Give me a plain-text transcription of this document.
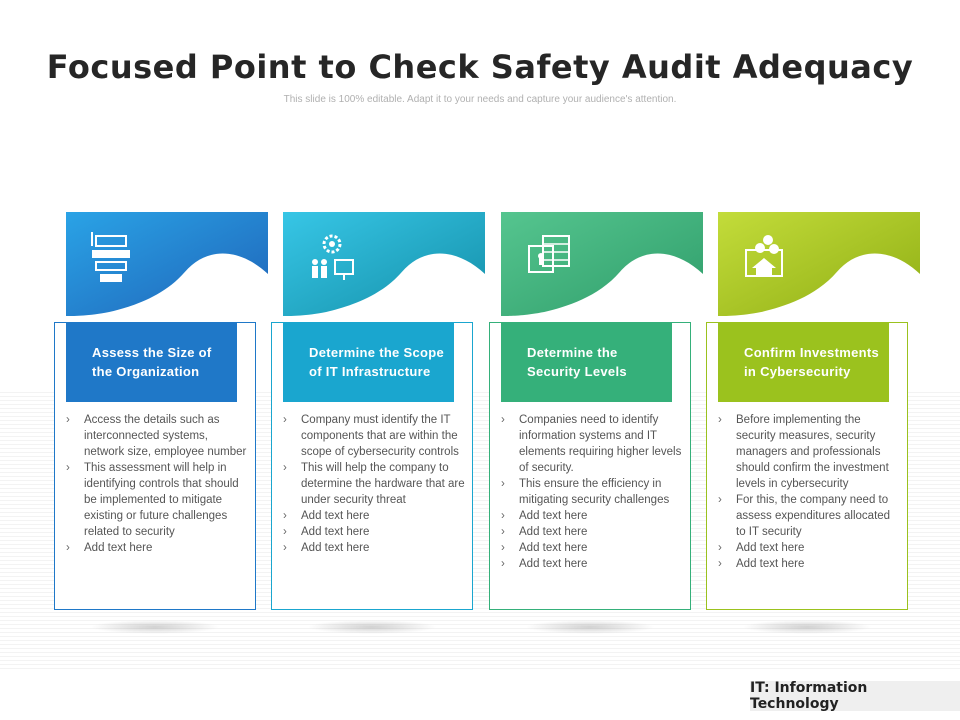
Focused Point to Check Safety Audit Adequacy
This slide is 100% editable. Adapt it to your needs and capture your audience's attention.
Assess the Size of the Organization
› Access the details such as interconnected systems, network size, employee number
› This assessment will help in identifying controls that should be implemented to mitigate existing or future challenges related to security
› Add text here
Determine the Scope of IT Infrastructure
› Company must identify the IT components that are within the scope of cybersecurity controls
› This will help the company to determine the hardware that are under security threat
› Add text here
› Add text here
› Add text here
Determine the Security Levels
› Companies need to identify information systems and IT elements requiring higher levels of security.
› This ensure the efficiency in mitigating security challenges
› Add text here
› Add text here
› Add text here
› Add text here
Confirm Investments in Cybersecurity
› Before implementing the security measures, security managers and professionals should confirm the investment levels in cybersecurity
› For this, the company need to assess expenditures allocated to IT security
› Add text here
› Add text here
IT: Information Technology
